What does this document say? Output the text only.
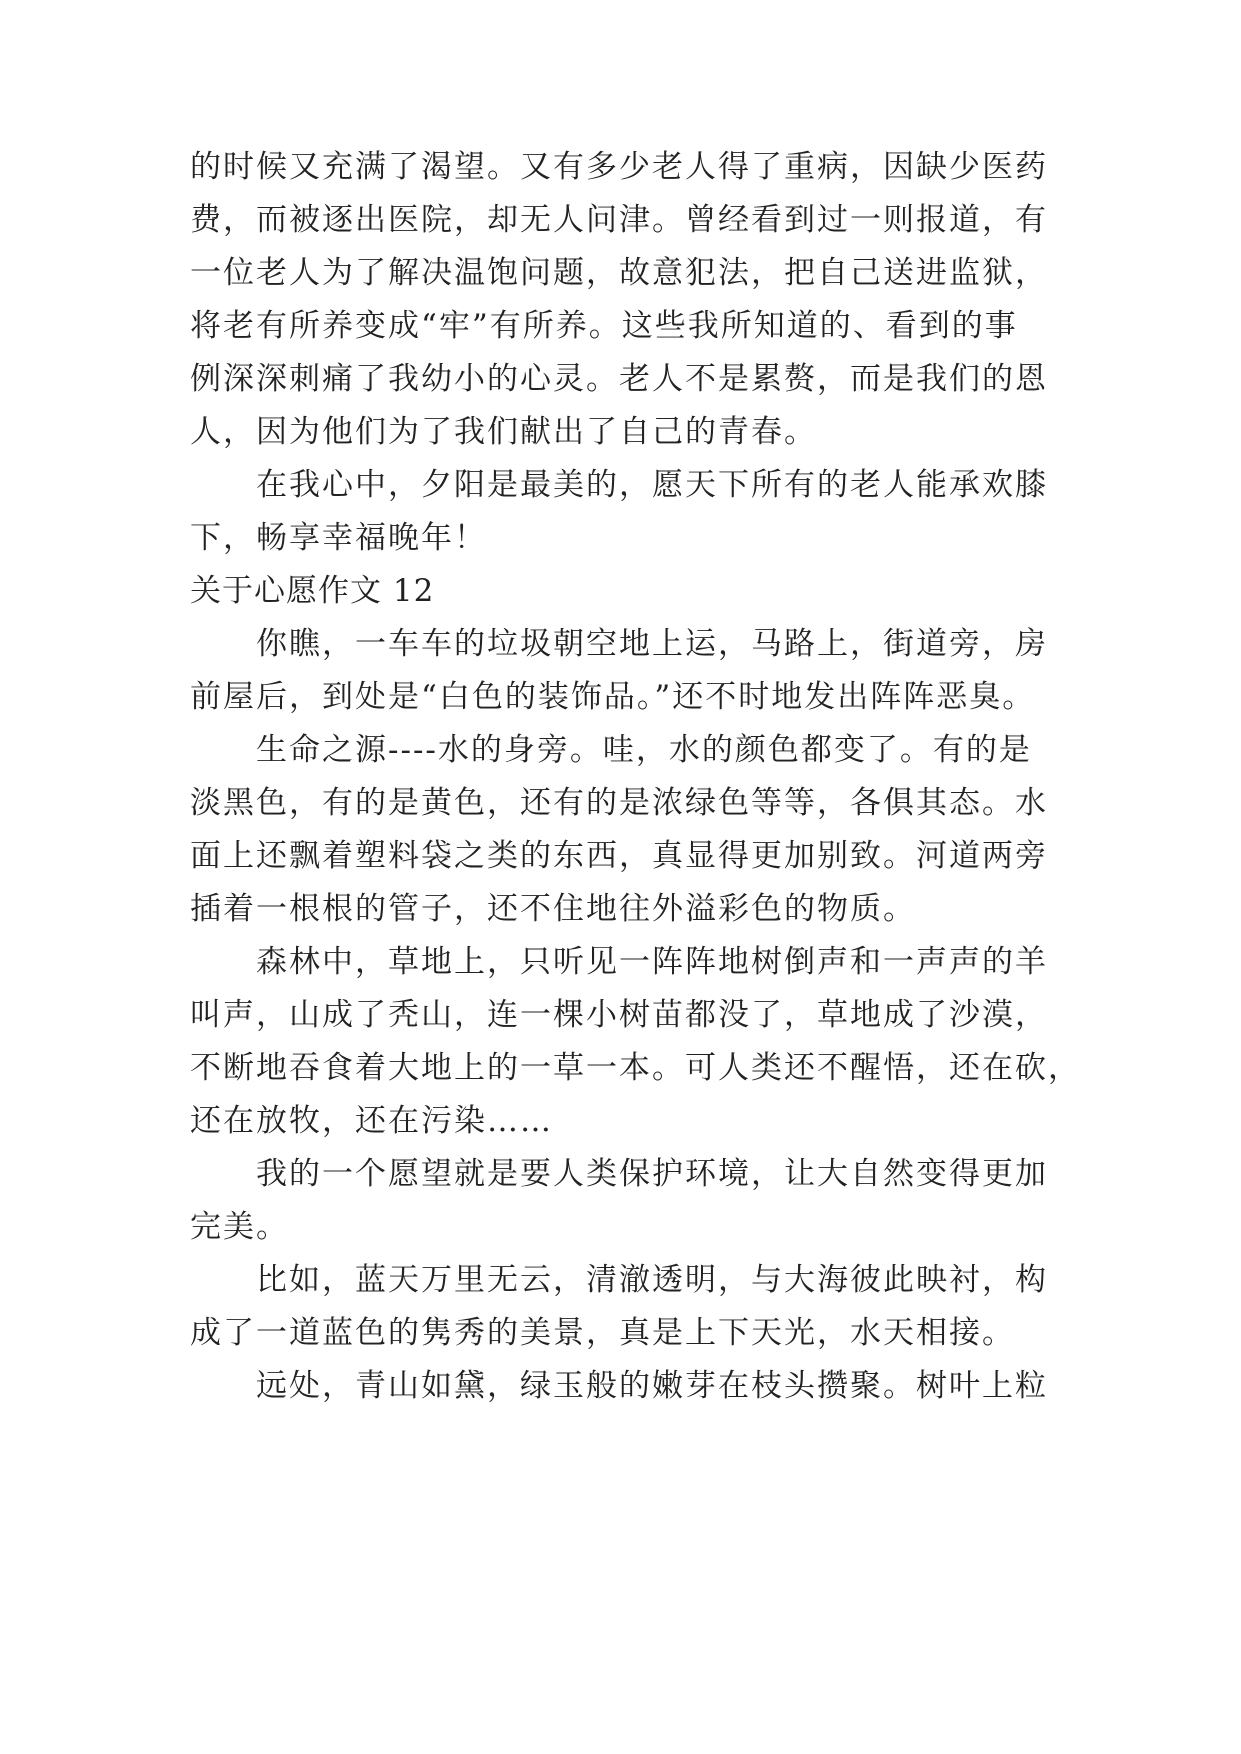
的时候又充满了渴望。又有多少老人得了重病，因缺少医药

费，而被逐出医院，却无人问津。曾经看到过一则报道，有

一位老人为了解决温饱问题，故意犯法，把自己送进监狱，

将老有所养变成“牢”有所养。这些我所知道的、看到的事

例深深刺痛了我幼小的心灵。老人不是累赘，而是我们的恩

人，因为他们为了我们献出了自己的青春。

在我心中，夕阳是最美的，愿天下所有的老人能承欢膝

下，畅享幸福晚年！

关于心愿作文 12

你瞧，一车车的垃圾朝空地上运，马路上，街道旁，房

前屋后，到处是“白色的装饰品。”还不时地发出阵阵恶臭。

生命之源----水的身旁。哇，水的颜色都变了。有的是

淡黑色，有的是黄色，还有的是浓绿色等等，各俱其态。水

面上还飘着塑料袋之类的东西，真显得更加别致。河道两旁

插着一根根的管子，还不住地往外溢彩色的物质。

森林中，草地上，只听见一阵阵地树倒声和一声声的羊

叫声，山成了秃山，连一棵小树苗都没了，草地成了沙漠，

不断地吞食着大地上的一草一本。可人类还不醒悟，还在砍，

还在放牧，还在污染……

我的一个愿望就是要人类保护环境，让大自然变得更加

完美。

比如，蓝天万里无云，清澈透明，与大海彼此映衬，构

成了一道蓝色的隽秀的美景，真是上下天光，水天相接。

远处，青山如黛，绿玉般的嫩芽在枝头攒聚。树叶上粒
